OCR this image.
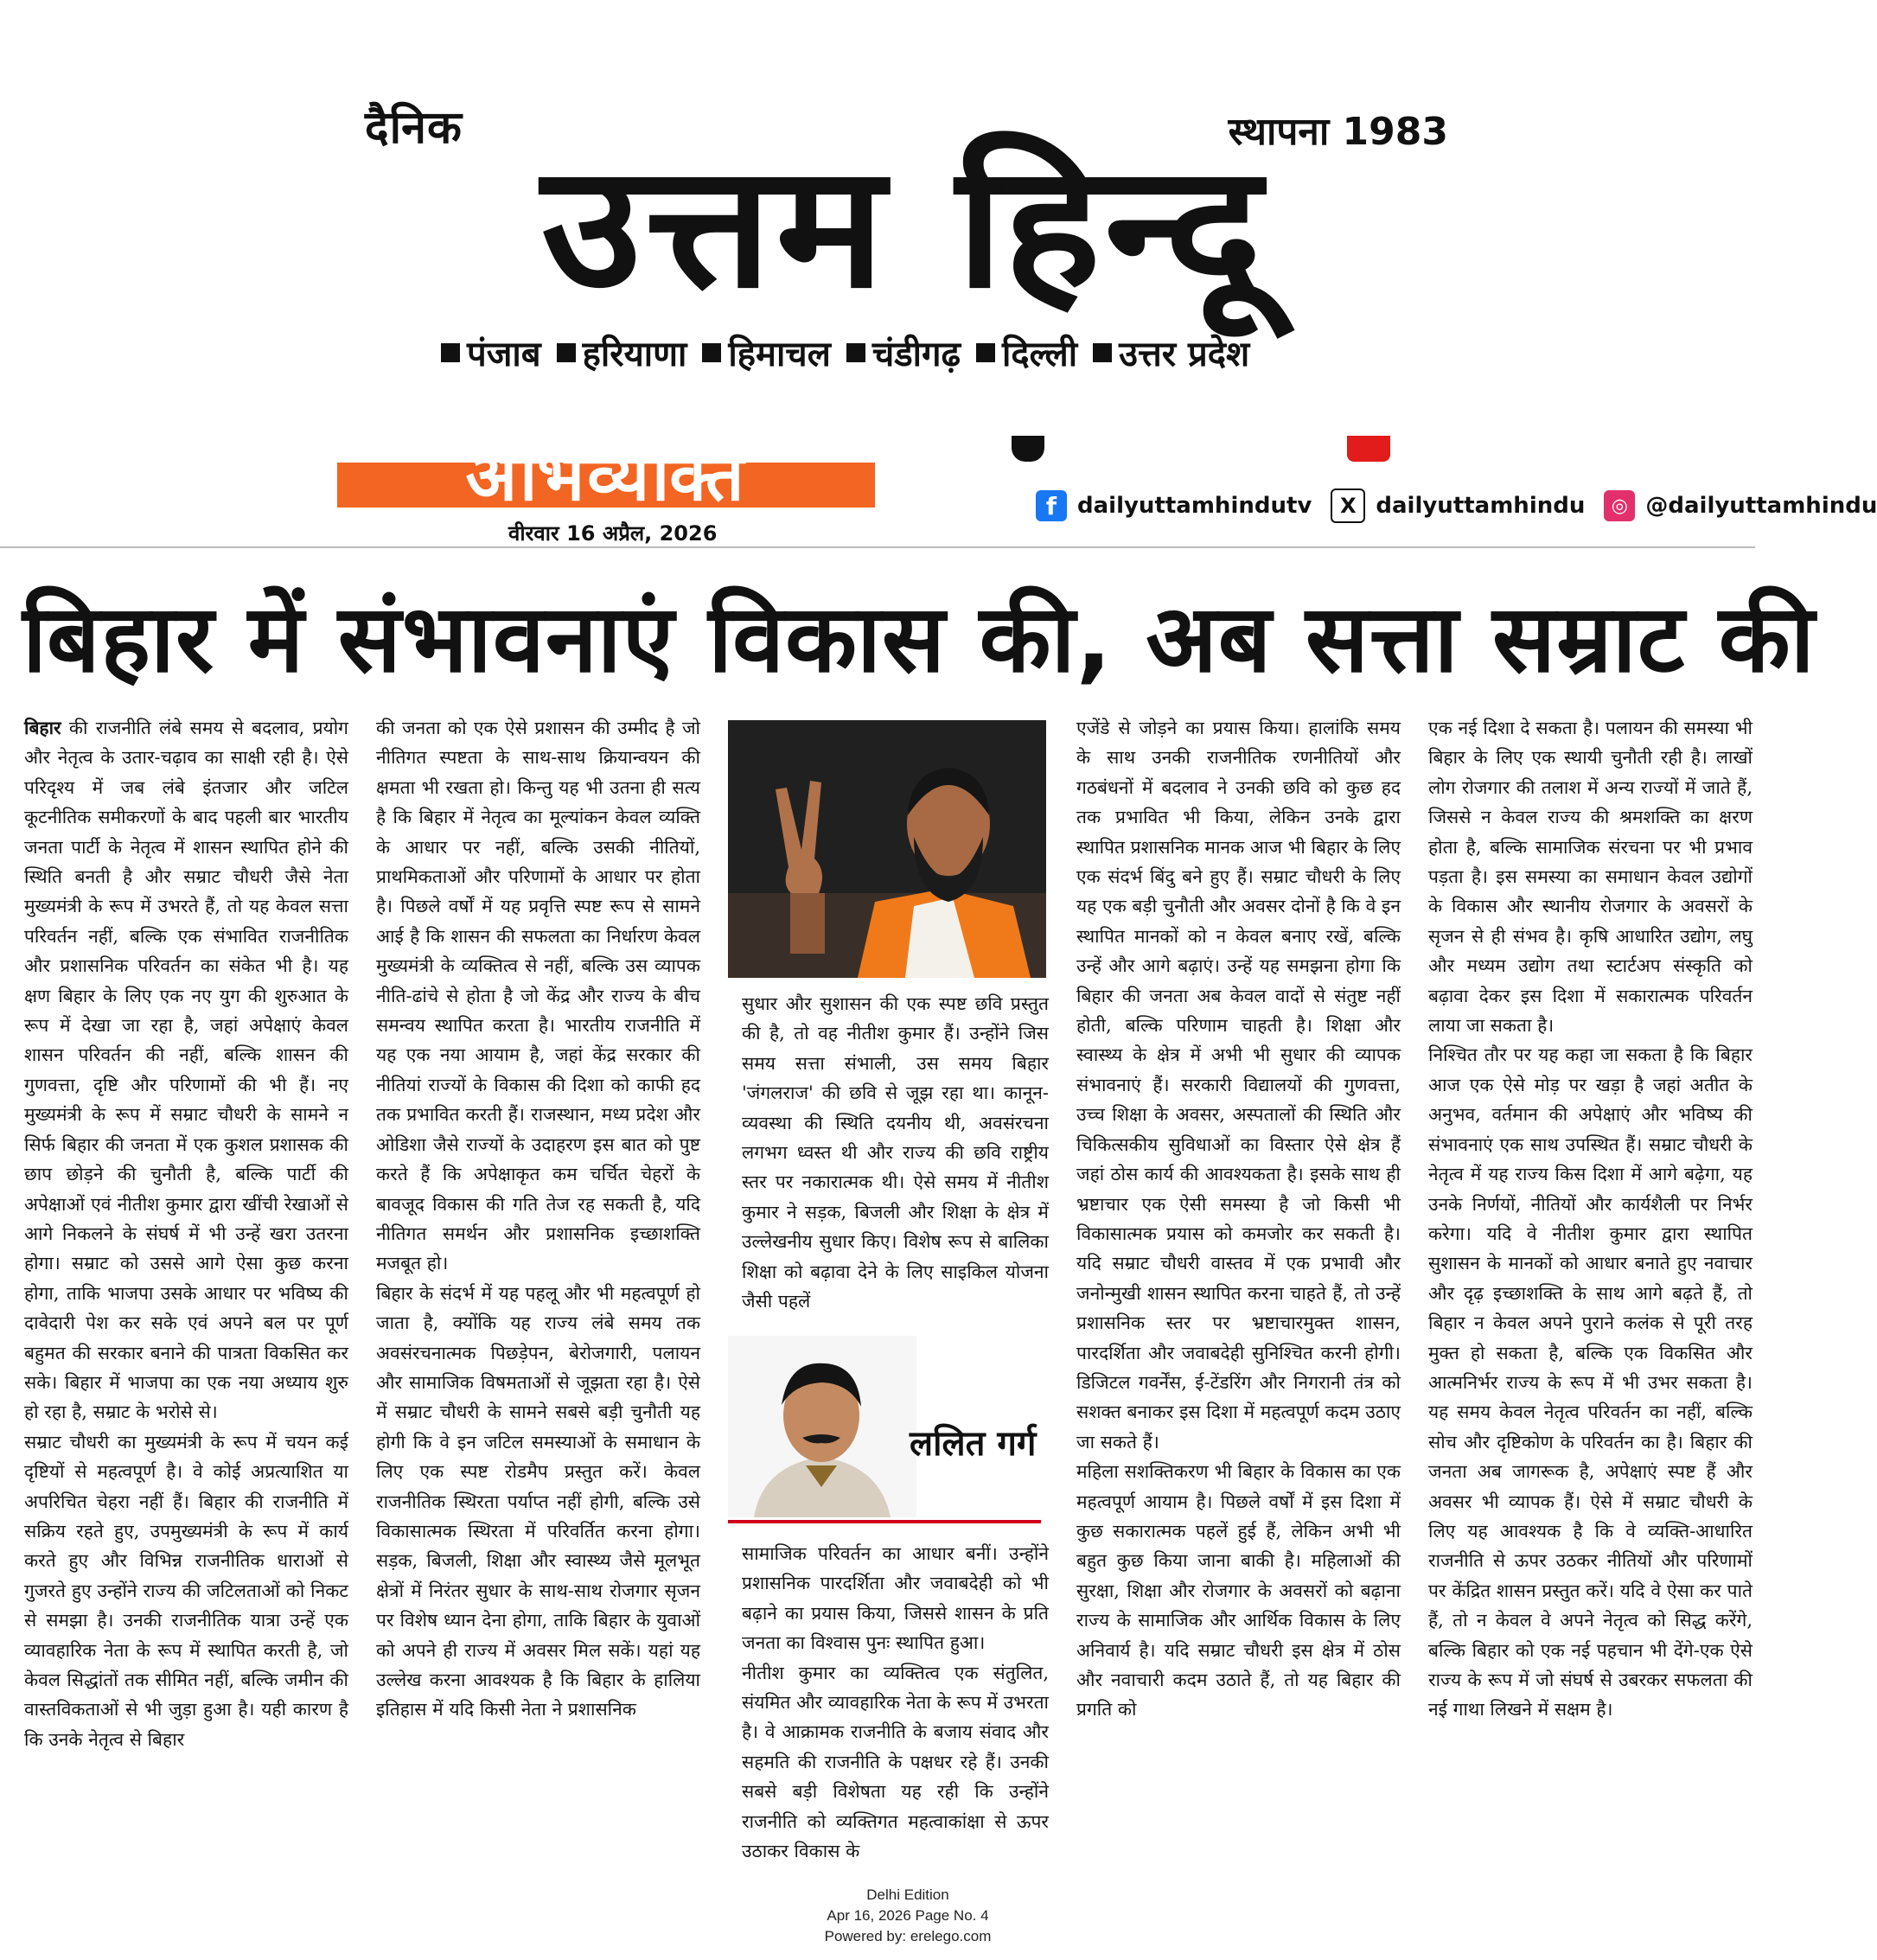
दैनिक	स्थापना 1983
उत्तम हिन्दू
पंजाब हरियाणा हिमाचल चंडीगढ़ दिल्ली उत्तर प्रदेश
अभिव्यक्ति
वीरवार 16 अप्रैल, 2026

f dailyuttamhindutv	X dailyuttamhindu	◎ @dailyuttamhindu
बिहार में संभावनाएं विकास की, अब सत्ता सम्राट की

बिहार की राजनीति लंबे समय से बदलाव, प्रयोग और नेतृत्व के उतार-चढ़ाव का साक्षी रही है। ऐसे परिदृश्य में जब लंबे इंतजार और जटिल कूटनीतिक समीकरणों के बाद पहली बार भारतीय जनता पार्टी के नेतृत्व में शासन स्थापित होने की स्थिति बनती है और सम्राट चौधरी जैसे नेता मुख्यमंत्री के रूप में उभरते हैं, तो यह केवल सत्ता परिवर्तन नहीं, बल्कि एक संभावित राजनीतिक और प्रशासनिक परिवर्तन का संकेत भी है। यह क्षण बिहार के लिए एक नए युग की शुरुआत के रूप में देखा जा रहा है, जहां अपेक्षाएं केवल शासन परिवर्तन की नहीं, बल्कि शासन की गुणवत्ता, दृष्टि और परिणामों की भी हैं। नए मुख्यमंत्री के रूप में सम्राट चौधरी के सामने न सिर्फ बिहार की जनता में एक कुशल प्रशासक की छाप छोड़ने की चुनौती है, बल्कि पार्टी की अपेक्षाओं एवं नीतीश कुमार द्वारा खींची रेखाओं से आगे निकलने के संघर्ष में भी उन्हें खरा उतरना होगा। सम्राट को उससे आगे ऐसा कुछ करना होगा, ताकि भाजपा उसके आधार पर भविष्य की दावेदारी पेश कर सके एवं अपने बल पर पूर्ण बहुमत की सरकार बनाने की पात्रता विकसित कर सके। बिहार में भाजपा का एक नया अध्याय शुरु हो रहा है, सम्राट के भरोसे से।

सम्राट चौधरी का मुख्यमंत्री के रूप में चयन कई दृष्टियों से महत्वपूर्ण है। वे कोई अप्रत्याशित या अपरिचित चेहरा नहीं हैं। बिहार की राजनीति में सक्रिय रहते हुए, उपमुख्यमंत्री के रूप में कार्य करते हुए और विभिन्न राजनीतिक धाराओं से गुजरते हुए उन्होंने राज्य की जटिलताओं को निकट से समझा है। उनकी राजनीतिक यात्रा उन्हें एक व्यावहारिक नेता के रूप में स्थापित करती है, जो केवल सिद्धांतों तक सीमित नहीं, बल्कि जमीन की वास्तविकताओं से भी जुड़ा हुआ है। यही कारण है कि उनके नेतृत्व से बिहार

की जनता को एक ऐसे प्रशासन की उम्मीद है जो नीतिगत स्पष्टता के साथ-साथ क्रियान्वयन की क्षमता भी रखता हो। किन्तु यह भी उतना ही सत्य है कि बिहार में नेतृत्व का मूल्यांकन केवल व्यक्ति के आधार पर नहीं, बल्कि उसकी नीतियों, प्राथमिकताओं और परिणामों के आधार पर होता है। पिछले वर्षों में यह प्रवृत्ति स्पष्ट रूप से सामने आई है कि शासन की सफलता का निर्धारण केवल मुख्यमंत्री के व्यक्तित्व से नहीं, बल्कि उस व्यापक नीति-ढांचे से होता है जो केंद्र और राज्य के बीच समन्वय स्थापित करता है। भारतीय राजनीति में यह एक नया आयाम है, जहां केंद्र सरकार की नीतियां राज्यों के विकास की दिशा को काफी हद तक प्रभावित करती हैं। राजस्थान, मध्य प्रदेश और ओडिशा जैसे राज्यों के उदाहरण इस बात को पुष्ट करते हैं कि अपेक्षाकृत कम चर्चित चेहरों के बावजूद विकास की गति तेज रह सकती है, यदि नीतिगत समर्थन और प्रशासनिक इच्छाशक्ति मजबूत हो।

बिहार के संदर्भ में यह पहलू और भी महत्वपूर्ण हो जाता है, क्योंकि यह राज्य लंबे समय तक अवसंरचनात्मक पिछड़ेपन, बेरोजगारी, पलायन और सामाजिक विषमताओं से जूझता रहा है। ऐसे में सम्राट चौधरी के सामने सबसे बड़ी चुनौती यह होगी कि वे इन जटिल समस्याओं के समाधान के लिए एक स्पष्ट रोडमैप प्रस्तुत करें। केवल राजनीतिक स्थिरता पर्याप्त नहीं होगी, बल्कि उसे विकासात्मक स्थिरता में परिवर्तित करना होगा। सड़क, बिजली, शिक्षा और स्वास्थ्य जैसे मूलभूत क्षेत्रों में निरंतर सुधार के साथ-साथ रोजगार सृजन पर विशेष ध्यान देना होगा, ताकि बिहार के युवाओं को अपने ही राज्य में अवसर मिल सकें। यहां यह उल्लेख करना आवश्यक है कि बिहार के हालिया इतिहास में यदि किसी नेता ने प्रशासनिक

सुधार और सुशासन की एक स्पष्ट छवि प्रस्तुत की है, तो वह नीतीश कुमार हैं। उन्होंने जिस समय सत्ता संभाली, उस समय बिहार 'जंगलराज' की छवि से जूझ रहा था। कानून-व्यवस्था की स्थिति दयनीय थी, अवसंरचना लगभग ध्वस्त थी और राज्य की छवि राष्ट्रीय स्तर पर नकारात्मक थी। ऐसे समय में नीतीश कुमार ने सड़क, बिजली और शिक्षा के क्षेत्र में उल्लेखनीय सुधार किए। विशेष रूप से बालिका शिक्षा को बढ़ावा देने के लिए साइकिल योजना जैसी पहलें

ललित गर्ग

सामाजिक परिवर्तन का आधार बनीं। उन्होंने प्रशासनिक पारदर्शिता और जवाबदेही को भी बढ़ाने का प्रयास किया, जिससे शासन के प्रति जनता का विश्वास पुनः स्थापित हुआ।

नीतीश कुमार का व्यक्तित्व एक संतुलित, संयमित और व्यावहारिक नेता के रूप में उभरता है। वे आक्रामक राजनीति के बजाय संवाद और सहमति की राजनीति के पक्षधर रहे हैं। उनकी सबसे बड़ी विशेषता यह रही कि उन्होंने राजनीति को व्यक्तिगत महत्वाकांक्षा से ऊपर उठाकर विकास के

एजेंडे से जोड़ने का प्रयास किया। हालांकि समय के साथ उनकी राजनीतिक रणनीतियों और गठबंधनों में बदलाव ने उनकी छवि को कुछ हद तक प्रभावित भी किया, लेकिन उनके द्वारा स्थापित प्रशासनिक मानक आज भी बिहार के लिए एक संदर्भ बिंदु बने हुए हैं। सम्राट चौधरी के लिए यह एक बड़ी चुनौती और अवसर दोनों है कि वे इन स्थापित मानकों को न केवल बनाए रखें, बल्कि उन्हें और आगे बढ़ाएं। उन्हें यह समझना होगा कि बिहार की जनता अब केवल वादों से संतुष्ट नहीं होती, बल्कि परिणाम चाहती है। शिक्षा और स्वास्थ्य के क्षेत्र में अभी भी सुधार की व्यापक संभावनाएं हैं। सरकारी विद्यालयों की गुणवत्ता, उच्च शिक्षा के अवसर, अस्पतालों की स्थिति और चिकित्सकीय सुविधाओं का विस्तार ऐसे क्षेत्र हैं जहां ठोस कार्य की आवश्यकता है। इसके साथ ही भ्रष्टाचार एक ऐसी समस्या है जो किसी भी विकासात्मक प्रयास को कमजोर कर सकती है। यदि सम्राट चौधरी वास्तव में एक प्रभावी और जनोन्मुखी शासन स्थापित करना चाहते हैं, तो उन्हें प्रशासनिक स्तर पर भ्रष्टाचारमुक्त शासन, पारदर्शिता और जवाबदेही सुनिश्चित करनी होगी। डिजिटल गवर्नेंस, ई-टेंडरिंग और निगरानी तंत्र को सशक्त बनाकर इस दिशा में महत्वपूर्ण कदम उठाए जा सकते हैं।

महिला सशक्तिकरण भी बिहार के विकास का एक महत्वपूर्ण आयाम है। पिछले वर्षों में इस दिशा में कुछ सकारात्मक पहलें हुई हैं, लेकिन अभी भी बहुत कुछ किया जाना बाकी है। महिलाओं की सुरक्षा, शिक्षा और रोजगार के अवसरों को बढ़ाना राज्य के सामाजिक और आर्थिक विकास के लिए अनिवार्य है। यदि सम्राट चौधरी इस क्षेत्र में ठोस और नवाचारी कदम उठाते हैं, तो यह बिहार की प्रगति को

एक नई दिशा दे सकता है। पलायन की समस्या भी बिहार के लिए एक स्थायी चुनौती रही है। लाखों लोग रोजगार की तलाश में अन्य राज्यों में जाते हैं, जिससे न केवल राज्य की श्रमशक्ति का क्षरण होता है, बल्कि सामाजिक संरचना पर भी प्रभाव पड़ता है। इस समस्या का समाधान केवल उद्योगों के विकास और स्थानीय रोजगार के अवसरों के सृजन से ही संभव है। कृषि आधारित उद्योग, लघु और मध्यम उद्योग तथा स्टार्टअप संस्कृति को बढ़ावा देकर इस दिशा में सकारात्मक परिवर्तन लाया जा सकता है।

निश्चित तौर पर यह कहा जा सकता है कि बिहार आज एक ऐसे मोड़ पर खड़ा है जहां अतीत के अनुभव, वर्तमान की अपेक्षाएं और भविष्य की संभावनाएं एक साथ उपस्थित हैं। सम्राट चौधरी के नेतृत्व में यह राज्य किस दिशा में आगे बढ़ेगा, यह उनके निर्णयों, नीतियों और कार्यशैली पर निर्भर करेगा। यदि वे नीतीश कुमार द्वारा स्थापित सुशासन के मानकों को आधार बनाते हुए नवाचार और दृढ़ इच्छाशक्ति के साथ आगे बढ़ते हैं, तो बिहार न केवल अपने पुराने कलंक से पूरी तरह मुक्त हो सकता है, बल्कि एक विकसित और आत्मनिर्भर राज्य के रूप में भी उभर सकता है। यह समय केवल नेतृत्व परिवर्तन का नहीं, बल्कि सोच और दृष्टिकोण के परिवर्तन का है। बिहार की जनता अब जागरूक है, अपेक्षाएं स्पष्ट हैं और अवसर भी व्यापक हैं। ऐसे में सम्राट चौधरी के लिए यह आवश्यक है कि वे व्यक्ति-आधारित राजनीति से ऊपर उठकर नीतियों और परिणामों पर केंद्रित शासन प्रस्तुत करें। यदि वे ऐसा कर पाते हैं, तो न केवल वे अपने नेतृत्व को सिद्ध करेंगे, बल्कि बिहार को एक नई पहचान भी देंगे-एक ऐसे राज्य के रूप में जो संघर्ष से उबरकर सफलता की नई गाथा लिखने में सक्षम है।

Delhi Edition
Apr 16, 2026 Page No. 4
Powered by: erelego.com
